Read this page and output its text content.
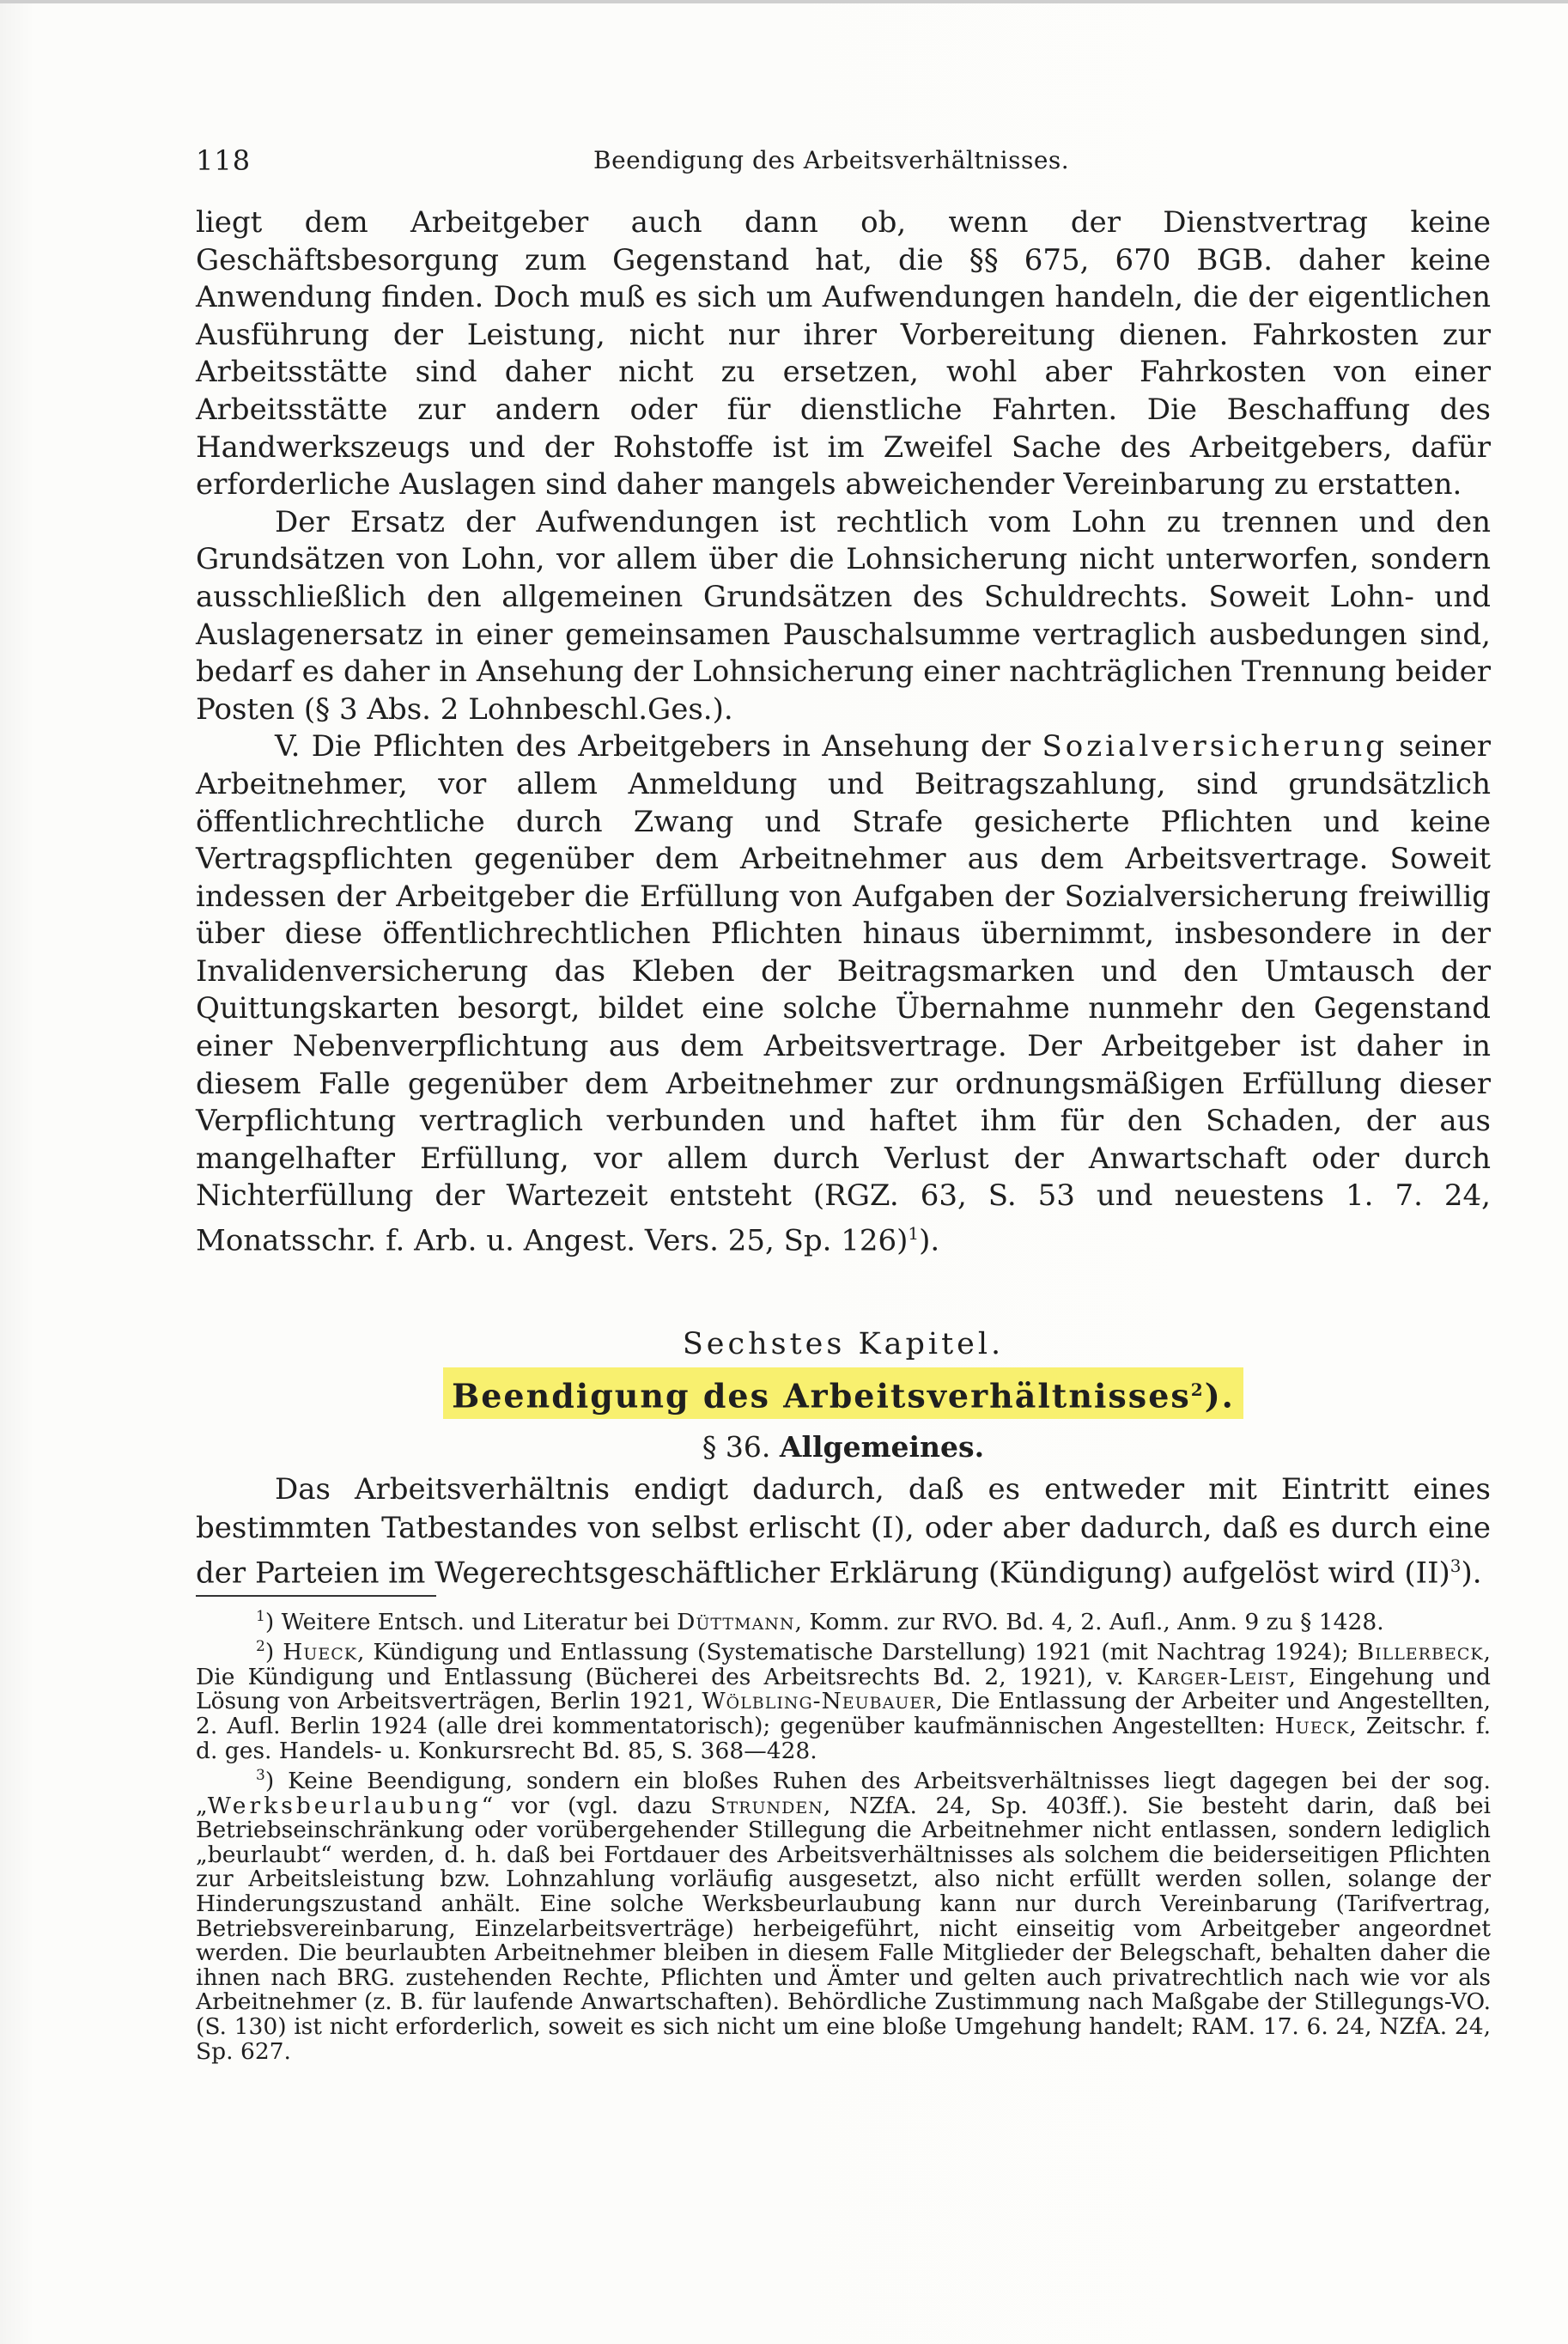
118	Beendigung des Arbeitsverhältnisses.

liegt dem Arbeitgeber auch dann ob, wenn der Dienstvertrag keine Geschäftsbesorgung zum Gegenstand hat, die §§ 675, 670 BGB. daher keine Anwendung finden. Doch muß es sich um Aufwendungen handeln, die der eigentlichen Ausführung der Leistung, nicht nur ihrer Vorbereitung dienen. Fahrkosten zur Arbeitsstätte sind daher nicht zu ersetzen, wohl aber Fahrkosten von einer Arbeitsstätte zur andern oder für dienstliche Fahrten. Die Beschaffung des Handwerkszeugs und der Rohstoffe ist im Zweifel Sache des Arbeitgebers, dafür erforderliche Auslagen sind daher mangels abweichender Vereinbarung zu erstatten.

Der Ersatz der Aufwendungen ist rechtlich vom Lohn zu trennen und den Grundsätzen von Lohn, vor allem über die Lohnsicherung nicht unterworfen, sondern ausschließlich den allgemeinen Grundsätzen des Schuldrechts. Soweit Lohn- und Auslagenersatz in einer gemeinsamen Pauschalsumme vertraglich ausbedungen sind, bedarf es daher in Ansehung der Lohnsicherung einer nachträglichen Trennung beider Posten (§ 3 Abs. 2 Lohnbeschl.Ges.).

V. Die Pflichten des Arbeitgebers in Ansehung der Sozialversicherung seiner Arbeitnehmer, vor allem Anmeldung und Beitragszahlung, sind grundsätzlich öffentlichrechtliche durch Zwang und Strafe gesicherte Pflichten und keine Vertragspflichten gegenüber dem Arbeitnehmer aus dem Arbeitsvertrage. Soweit indessen der Arbeitgeber die Erfüllung von Aufgaben der Sozialversicherung freiwillig über diese öffentlichrechtlichen Pflichten hinaus übernimmt, insbesondere in der Invalidenversicherung das Kleben der Beitragsmarken und den Umtausch der Quittungskarten besorgt, bildet eine solche Übernahme nunmehr den Gegenstand einer Nebenverpflichtung aus dem Arbeitsvertrage. Der Arbeitgeber ist daher in diesem Falle gegenüber dem Arbeitnehmer zur ordnungsmäßigen Erfüllung dieser Verpflichtung vertraglich verbunden und haftet ihm für den Schaden, der aus mangelhafter Erfüllung, vor allem durch Verlust der Anwartschaft oder durch Nichterfüllung der Wartezeit entsteht (RGZ. 63, S. 53 und neuestens 1. 7. 24, Monatsschr. f. Arb. u. Angest. Vers. 25, Sp. 126)$^1$).

Sechstes Kapitel.
Beendigung des Arbeitsverhältnisses$^2$).
§ 36. Allgemeines.

Das Arbeitsverhältnis endigt dadurch, daß es entweder mit Eintritt eines bestimmten Tatbestandes von selbst erlischt (I), oder aber dadurch, daß es durch eine der Parteien im Wegerechtsgeschäftlicher Erklärung (Kündigung) aufgelöst wird (II)$^3$).

$^1$) Weitere Entsch. und Literatur bei Düttmann, Komm. zur RVO. Bd. 4, 2. Aufl., Anm. 9 zu § 1428.

$^2$) Hueck, Kündigung und Entlassung (Systematische Darstellung) 1921 (mit Nachtrag 1924); Billerbeck, Die Kündigung und Entlassung (Bücherei des Arbeitsrechts Bd. 2, 1921), v. Karger-Leist, Eingehung und Lösung von Arbeitsverträgen, Berlin 1921, Wölbling-Neubauer, Die Entlassung der Arbeiter und Angestellten, 2. Aufl. Berlin 1924 (alle drei kommentatorisch); gegenüber kaufmännischen Angestellten: Hueck, Zeitschr. f. d. ges. Handels- u. Konkursrecht Bd. 85, S. 368—428.

$^3$) Keine Beendigung, sondern ein bloßes Ruhen des Arbeitsverhältnisses liegt dagegen bei der sog. „Werksbeurlaubung“ vor (vgl. dazu Strunden, NZfA. 24, Sp. 403ff.). Sie besteht darin, daß bei Betriebseinschränkung oder vorübergehender Stillegung die Arbeitnehmer nicht entlassen, sondern lediglich „beurlaubt“ werden, d. h. daß bei Fortdauer des Arbeitsverhältnisses als solchem die beiderseitigen Pflichten zur Arbeitsleistung bzw. Lohnzahlung vorläufig ausgesetzt, also nicht erfüllt werden sollen, solange der Hinderungszustand anhält. Eine solche Werksbeurlaubung kann nur durch Vereinbarung (Tarifvertrag, Betriebsvereinbarung, Einzelarbeitsverträge) herbeigeführt, nicht einseitig vom Arbeitgeber angeordnet werden. Die beurlaubten Arbeitnehmer bleiben in diesem Falle Mitglieder der Belegschaft, behalten daher die ihnen nach BRG. zustehenden Rechte, Pflichten und Ämter und gelten auch privatrechtlich nach wie vor als Arbeitnehmer (z. B. für laufende Anwartschaften). Behördliche Zustimmung nach Maßgabe der Stillegungs-VO. (S. 130) ist nicht erforderlich, soweit es sich nicht um eine bloße Umgehung handelt; RAM. 17. 6. 24, NZfA. 24, Sp. 627.
